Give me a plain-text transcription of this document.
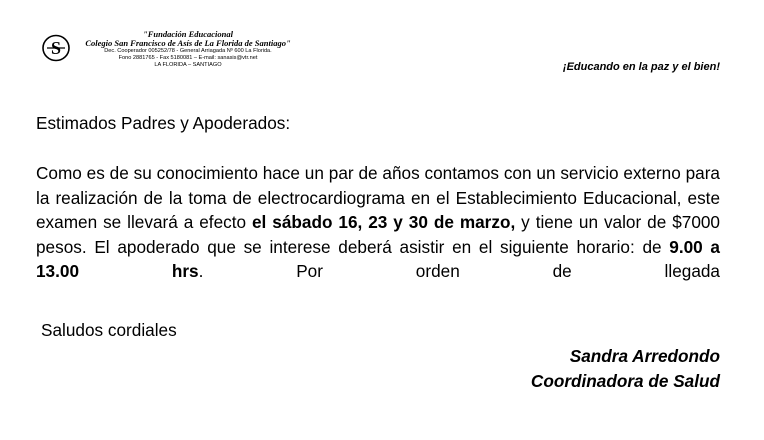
S
"Fundación Educacional
Colegio San Francisco de Asís de La Florida de Santiago"
Dec. Cooperador 005252/78 - General Arriagada Nº 600 La Florida.
Fono 2881765 - Fax 5180081 – E-mail: sanasis@vtr.net
LA FLORIDA – SANTIAGO	¡Educando en la paz y el bien!
Estimados Padres y Apoderados:
Como es de su conocimiento hace un par de años contamos con un servicio externo para la realización de la toma de electrocardiograma en el Establecimiento Educacional, este examen se llevará a efecto el sábado 16, 23 y 30 de marzo, y tiene un valor de $7000 pesos. El apoderado que se interese deberá asistir en el siguiente horario: de 9.00 a 13.00 hrs. Por orden de llegada
Saludos cordiales
Sandra Arredondo
Coordinadora de Salud
